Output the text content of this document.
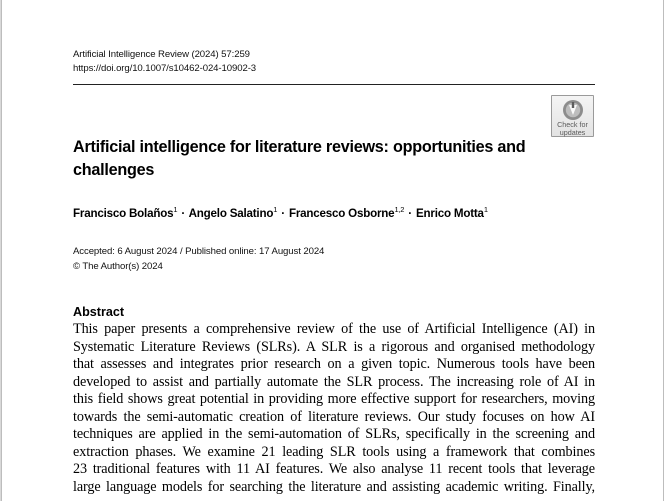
Artificial Intelligence Review (2024) 57:259
https://doi.org/10.1007/s10462-024-10902-3
Check for
updates
Artificial intelligence for literature reviews: opportunities and challenges
Francisco Bolaños$^1$ · Angelo Salatino$^1$ · Francesco Osborne$^{1,2}$ · Enrico Motta$^1$
Accepted: 6 August 2024 / Published online: 17 August 2024
© The Author(s) 2024
Abstract
This paper presents a comprehensive review of the use of Artificial Intelligence (AI) in
Systematic Literature Reviews (SLRs). A SLR is a rigorous and organised methodology
that assesses and integrates prior research on a given topic. Numerous tools have been
developed to assist and partially automate the SLR process. The increasing role of AI in
this field shows great potential in providing more effective support for researchers, moving
towards the semi-automatic creation of literature reviews. Our study focuses on how AI
techniques are applied in the semi-automation of SLRs, specifically in the screening and
extraction phases. We examine 21 leading SLR tools using a framework that combines
23 traditional features with 11 AI features. We also analyse 11 recent tools that leverage
large language models for searching the literature and assisting academic writing. Finally,
